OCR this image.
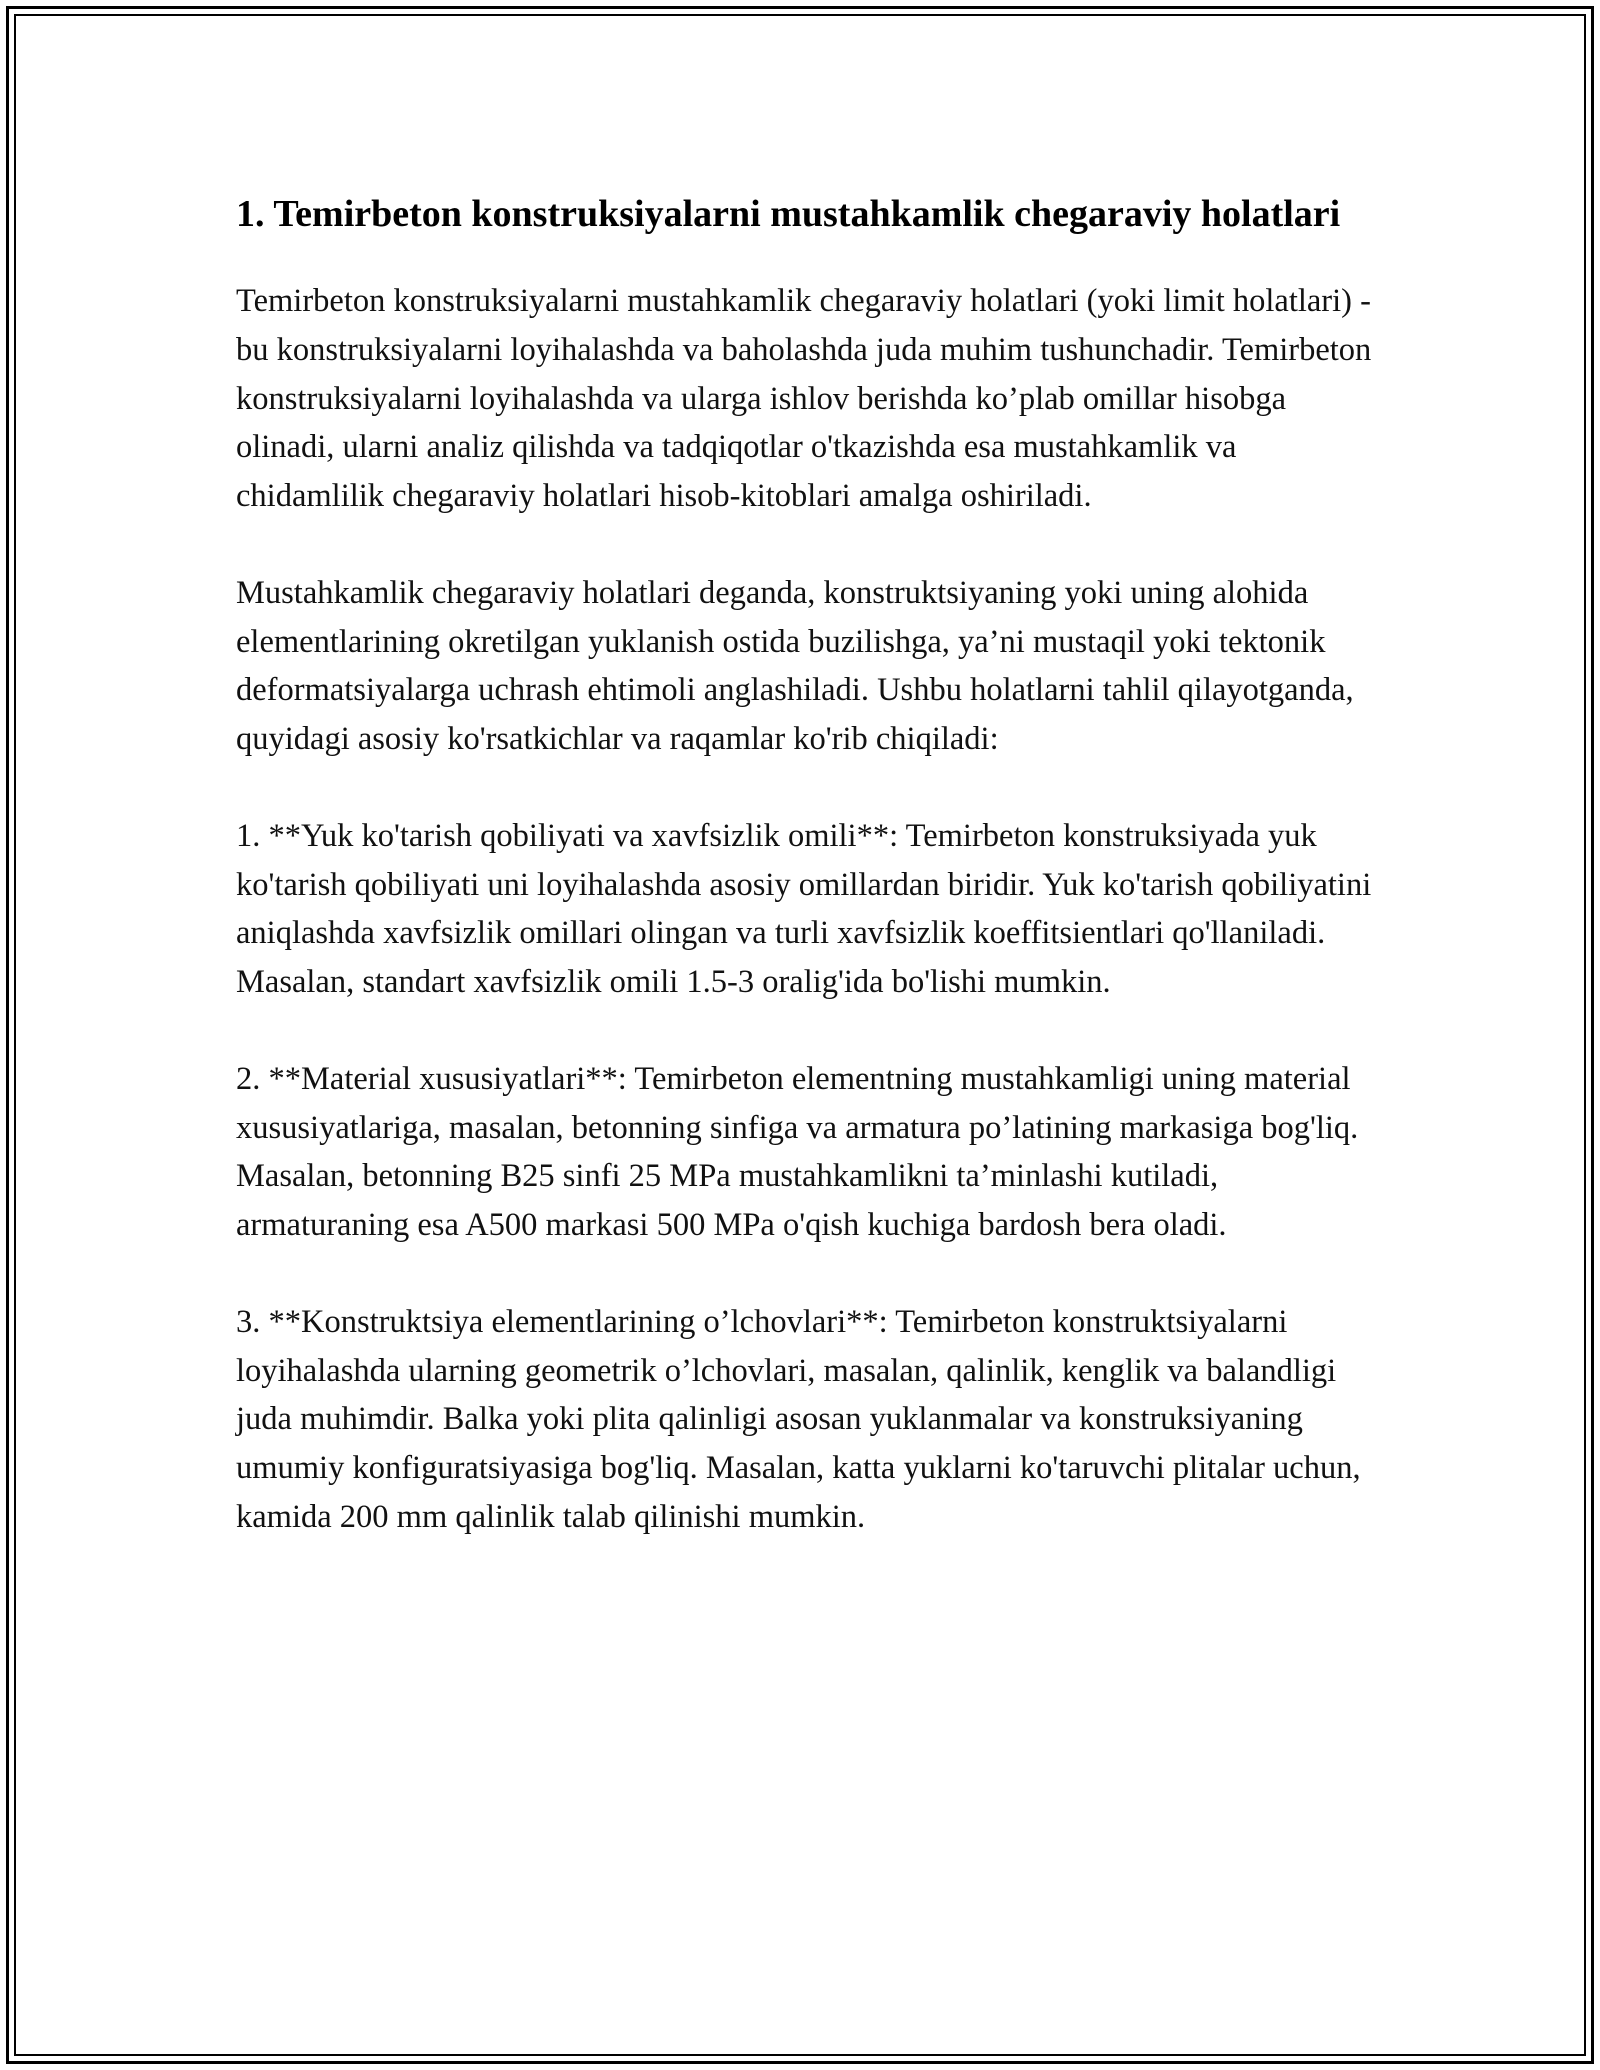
1. Temirbeton konstruksiyalarni mustahkamlik chegaraviy holatlari

Temirbeton konstruksiyalarni mustahkamlik chegaraviy holatlari (yoki limit holatlari) - bu konstruksiyalarni loyihalashda va baholashda juda muhim tushunchadir. Temirbeton konstruksiyalarni loyihalashda va ularga ishlov berishda ko’plab omillar hisobga olinadi, ularni analiz qilishda va tadqiqotlar o'tkazishda esa mustahkamlik va chidamlilik chegaraviy holatlari hisob-kitoblari amalga oshiriladi.

Mustahkamlik chegaraviy holatlari deganda, konstruktsiyaning yoki uning alohida elementlarining okretilgan yuklanish ostida buzilishga, ya’ni mustaqil yoki tektonik deformatsiyalarga uchrash ehtimoli anglashiladi. Ushbu holatlarni tahlil qilayotganda, quyidagi asosiy ko'rsatkichlar va raqamlar ko'rib chiqiladi:

1. **Yuk ko'tarish qobiliyati va xavfsizlik omili**: Temirbeton konstruksiyada yuk ko'tarish qobiliyati uni loyihalashda asosiy omillardan biridir. Yuk ko'tarish qobiliyatini aniqlashda xavfsizlik omillari olingan va turli xavfsizlik koeffitsientlari qo'llaniladi. Masalan, standart xavfsizlik omili 1.5-3 oralig'ida bo'lishi mumkin.

2. **Material xususiyatlari**: Temirbeton elementning mustahkamligi uning material xususiyatlariga, masalan, betonning sinfiga va armatura po’latining markasiga bog'liq. Masalan, betonning B25 sinfi 25 MPa mustahkamlikni ta’minlashi kutiladi, armaturaning esa A500 markasi 500 MPa o'qish kuchiga bardosh bera oladi.

3. **Konstruktsiya elementlarining o’lchovlari**: Temirbeton konstruktsiyalarni loyihalashda ularning geometrik o’lchovlari, masalan, qalinlik, kenglik va balandligi juda muhimdir. Balka yoki plita qalinligi asosan yuklanmalar va konstruksiyaning umumiy konfiguratsiyasiga bog'liq. Masalan, katta yuklarni ko'taruvchi plitalar uchun, kamida 200 mm qalinlik talab qilinishi mumkin.
